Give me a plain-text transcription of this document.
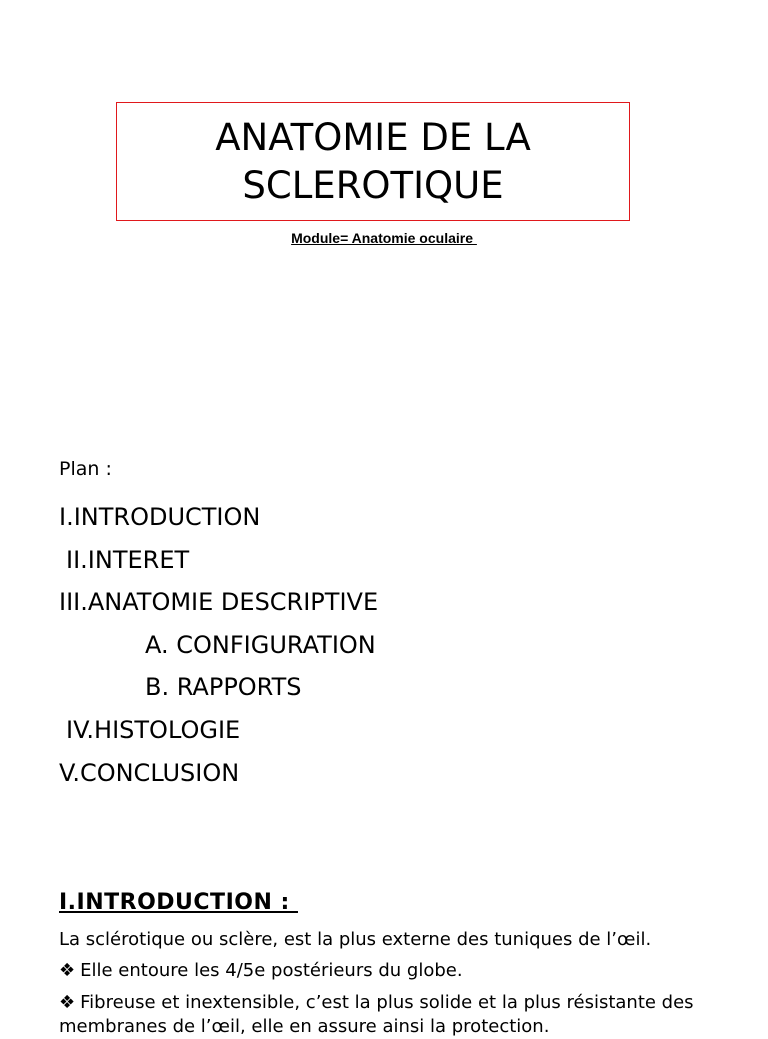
ANATOMIE DE LA
SCLEROTIQUE
Module= Anatomie oculaire
Plan :
I.INTRODUCTION
II.INTERET
III.ANATOMIE DESCRIPTIVE
A. CONFIGURATION
B. RAPPORTS
IV.HISTOLOGIE
V.CONCLUSION
I.INTRODUCTION :
La sclérotique ou sclère, est la plus externe des tuniques de l’œil.
❖ Elle entoure les 4/5e postérieurs du globe.
❖ Fibreuse et inextensible, c’est la plus solide et la plus résistante des membranes de l’œil, elle en assure ainsi la protection.
